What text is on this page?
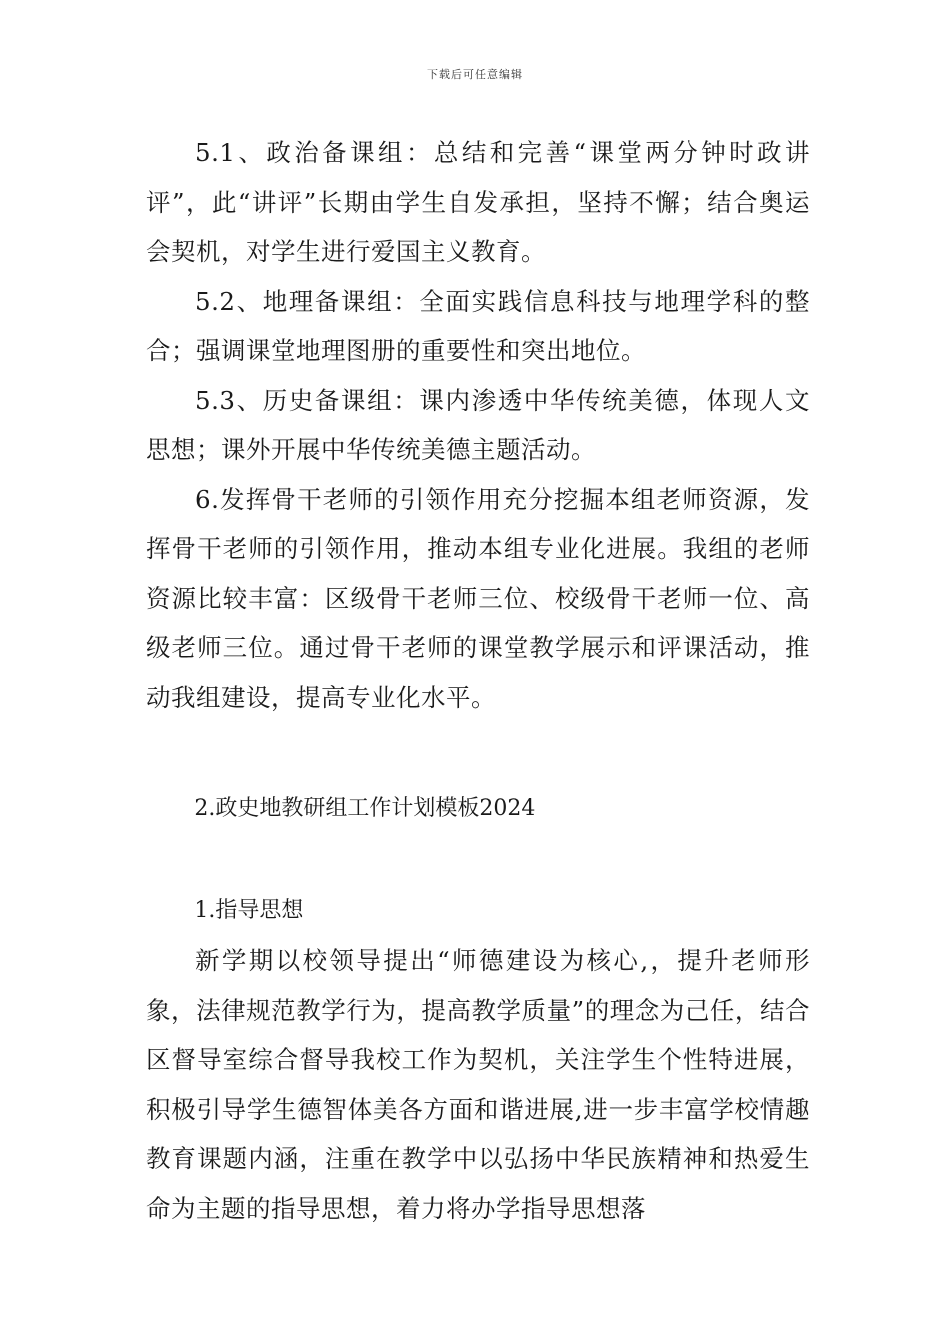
下载后可任意编辑

5.1、政治备课组：总结和完善“课堂两分钟时政讲评”，此“讲评”长期由学生自发承担，坚持不懈；结合奥运会契机，对学生进行爱国主义教育。

5.2、地理备课组：全面实践信息科技与地理学科的整合；强调课堂地理图册的重要性和突出地位。

5.3、历史备课组：课内渗透中华传统美德，体现人文思想；课外开展中华传统美德主题活动。

6.发挥骨干老师的引领作用充分挖掘本组老师资源，发挥骨干老师的引领作用，推动本组专业化进展。我组的老师资源比较丰富：区级骨干老师三位、校级骨干老师一位、高级老师三位。通过骨干老师的课堂教学展示和评课活动，推动我组建设，提高专业化水平。

2.政史地教研组工作计划模板2024

1.指导思想

新学期以校领导提出“师德建设为核心,，提升老师形象，法律规范教学行为，提高教学质量”的理念为己任，结合区督导室综合督导我校工作为契机，关注学生个性特进展，积极引导学生德智体美各方面和谐进展,进一步丰富学校情趣教育课题内涵，注重在教学中以弘扬中华民族精神和热爱生命为主题的指导思想，着力将办学指导思想落
